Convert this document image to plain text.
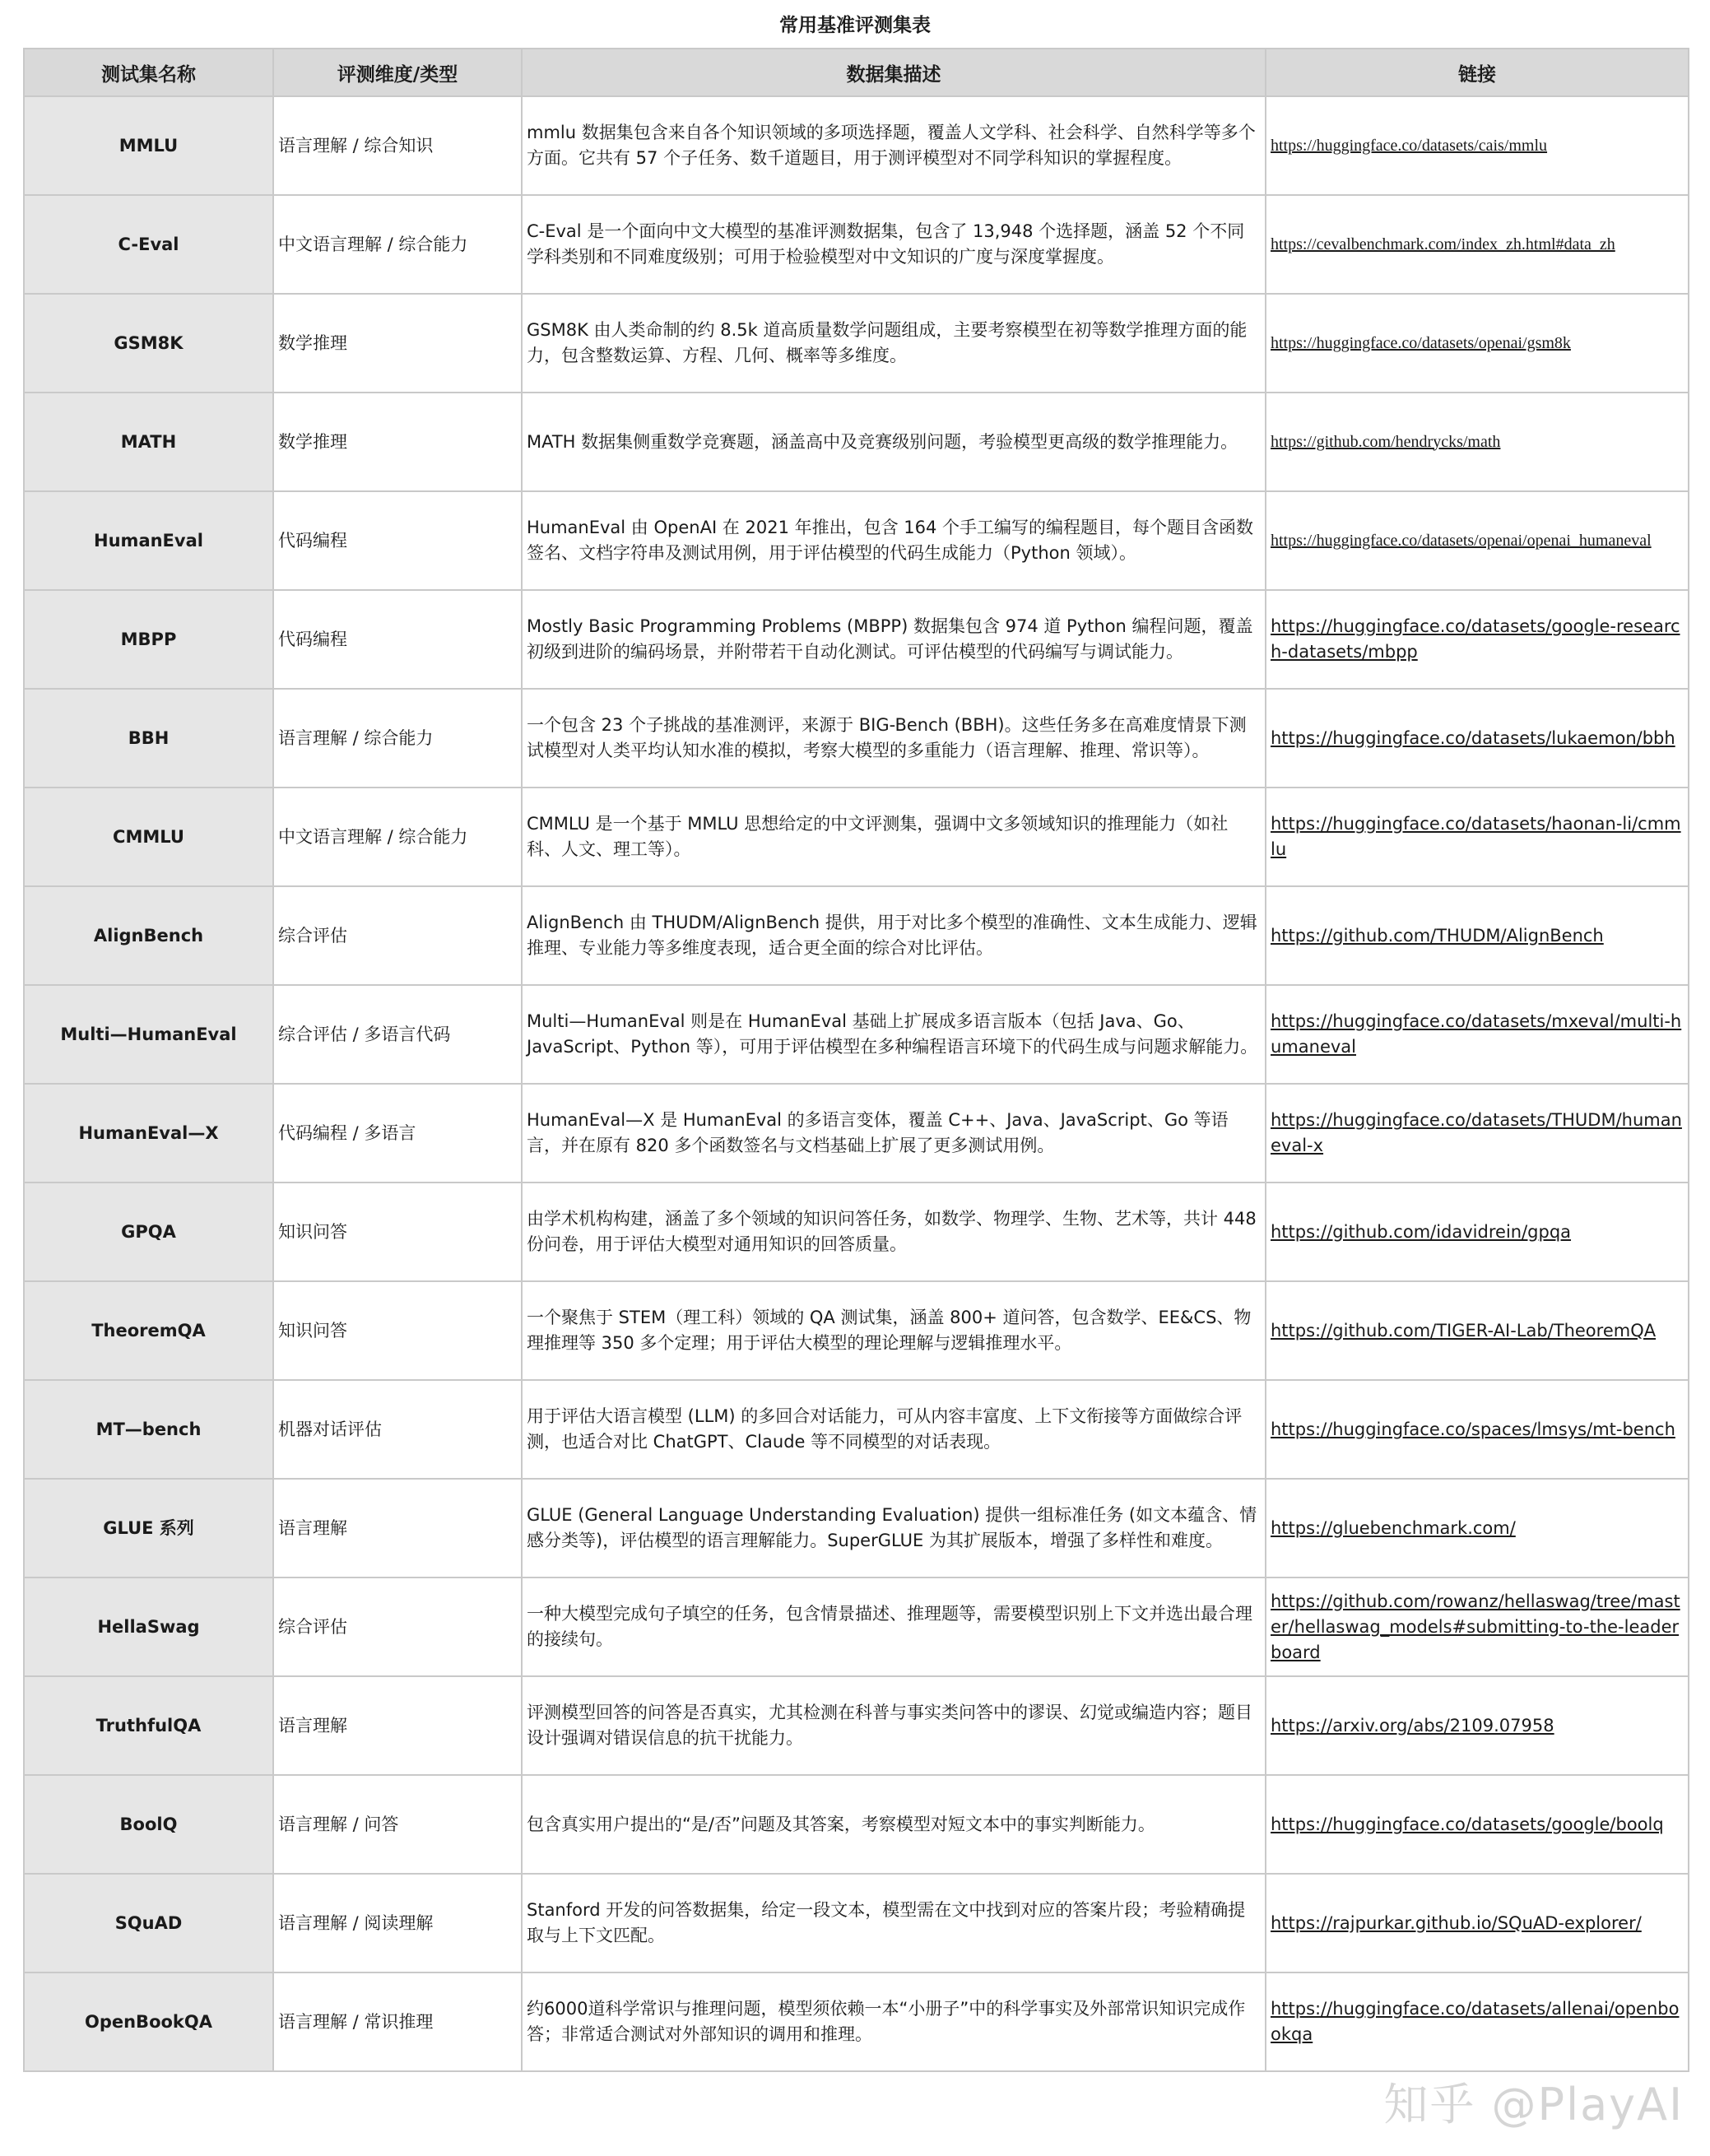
常用基准评测集表
测试集名称	评测维度/类型	数据集描述	链接
MMLU	语言理解 / 综合知识	mmlu 数据集包含来自各个知识领域的多项选择题，覆盖人文学科、社会科学、自然科学等多个方面。它共有 57 个子任务、数千道题目，用于测评模型对不同学科知识的掌握程度。	https://huggingface.co/datasets/cais/mmlu
C-Eval	中文语言理解 / 综合能力	C-Eval 是一个面向中文大模型的基准评测数据集，包含了 13,948 个选择题，涵盖 52 个不同学科类别和不同难度级别；可用于检验模型对中文知识的广度与深度掌握度。	https://cevalbenchmark.com/index_zh.html#data_zh
GSM8K	数学推理	GSM8K 由人类命制的约 8.5k 道高质量数学问题组成，主要考察模型在初等数学推理方面的能力，包含整数运算、方程、几何、概率等多维度。	https://huggingface.co/datasets/openai/gsm8k
MATH	数学推理	MATH 数据集侧重数学竞赛题，涵盖高中及竞赛级别问题，考验模型更高级的数学推理能力。	https://github.com/hendrycks/math
HumanEval	代码编程	HumanEval 由 OpenAI 在 2021 年推出，包含 164 个手工编写的编程题目，每个题目含函数签名、文档字符串及测试用例，用于评估模型的代码生成能力（Python 领域）。	https://huggingface.co/datasets/openai/openai_humaneval
MBPP	代码编程	Mostly Basic Programming Problems (MBPP) 数据集包含 974 道 Python 编程问题，覆盖初级到进阶的编码场景，并附带若干自动化测试。可评估模型的代码编写与调试能力。	https://huggingface.co/datasets/google-research-datasets/mbpp
BBH	语言理解 / 综合能力	一个包含 23 个子挑战的基准测评，来源于 BIG-Bench (BBH)。这些任务多在高难度情景下测试模型对人类平均认知水准的模拟，考察大模型的多重能力（语言理解、推理、常识等）。	https://huggingface.co/datasets/lukaemon/bbh
CMMLU	中文语言理解 / 综合能力	CMMLU 是一个基于 MMLU 思想给定的中文评测集，强调中文多领域知识的推理能力（如社科、人文、理工等）。	https://huggingface.co/datasets/haonan-li/cmmlu
AlignBench	综合评估	AlignBench 由 THUDM/AlignBench 提供，用于对比多个模型的准确性、文本生成能力、逻辑推理、专业能力等多维度表现，适合更全面的综合对比评估。	https://github.com/THUDM/AlignBench
Multi—HumanEval	综合评估 / 多语言代码	Multi—HumanEval 则是在 HumanEval 基础上扩展成多语言版本（包括 Java、Go、JavaScript、Python 等），可用于评估模型在多种编程语言环境下的代码生成与问题求解能力。	https://huggingface.co/datasets/mxeval/multi-humaneval
HumanEval—X	代码编程 / 多语言	HumanEval—X 是 HumanEval 的多语言变体，覆盖 C++、Java、JavaScript、Go 等语言，并在原有 820 多个函数签名与文档基础上扩展了更多测试用例。	https://huggingface.co/datasets/THUDM/humaneval-x
GPQA	知识问答	由学术机构构建，涵盖了多个领域的知识问答任务，如数学、物理学、生物、艺术等，共计 448 份问卷，用于评估大模型对通用知识的回答质量。	https://github.com/idavidrein/gpqa
TheoremQA	知识问答	一个聚焦于 STEM（理工科）领域的 QA 测试集，涵盖 800+ 道问答，包含数学、EE&CS、物理推理等 350 多个定理；用于评估大模型的理论理解与逻辑推理水平。	https://github.com/TIGER-AI-Lab/TheoremQA
MT—bench	机器对话评估	用于评估大语言模型 (LLM) 的多回合对话能力，可从内容丰富度、上下文衔接等方面做综合评测，也适合对比 ChatGPT、Claude 等不同模型的对话表现。	https://huggingface.co/spaces/lmsys/mt-bench
GLUE 系列	语言理解	GLUE (General Language Understanding Evaluation) 提供一组标准任务 (如文本蕴含、情感分类等)，评估模型的语言理解能力。SuperGLUE 为其扩展版本，增强了多样性和难度。	https://gluebenchmark.com/
HellaSwag	综合评估	一种大模型完成句子填空的任务，包含情景描述、推理题等，需要模型识别上下文并选出最合理的接续句。	https://github.com/rowanz/hellaswag/tree/master/hellaswag_models#submitting-to-the-leaderboard
TruthfulQA	语言理解	评测模型回答的问答是否真实，尤其检测在科普与事实类问答中的谬误、幻觉或编造内容；题目设计强调对错误信息的抗干扰能力。	https://arxiv.org/abs/2109.07958
BoolQ	语言理解 / 问答	包含真实用户提出的“是/否”问题及其答案，考察模型对短文本中的事实判断能力。	https://huggingface.co/datasets/google/boolq
SQuAD	语言理解 / 阅读理解	Stanford 开发的问答数据集，给定一段文本，模型需在文中找到对应的答案片段；考验精确提取与上下文匹配。	https://rajpurkar.github.io/SQuAD-explorer/
OpenBookQA	语言理解 / 常识推理	约6000道科学常识与推理问题，模型须依赖一本“小册子”中的科学事实及外部常识知识完成作答；非常适合测试对外部知识的调用和推理。	https://huggingface.co/datasets/allenai/openbookqa
知乎 @PlayAI
